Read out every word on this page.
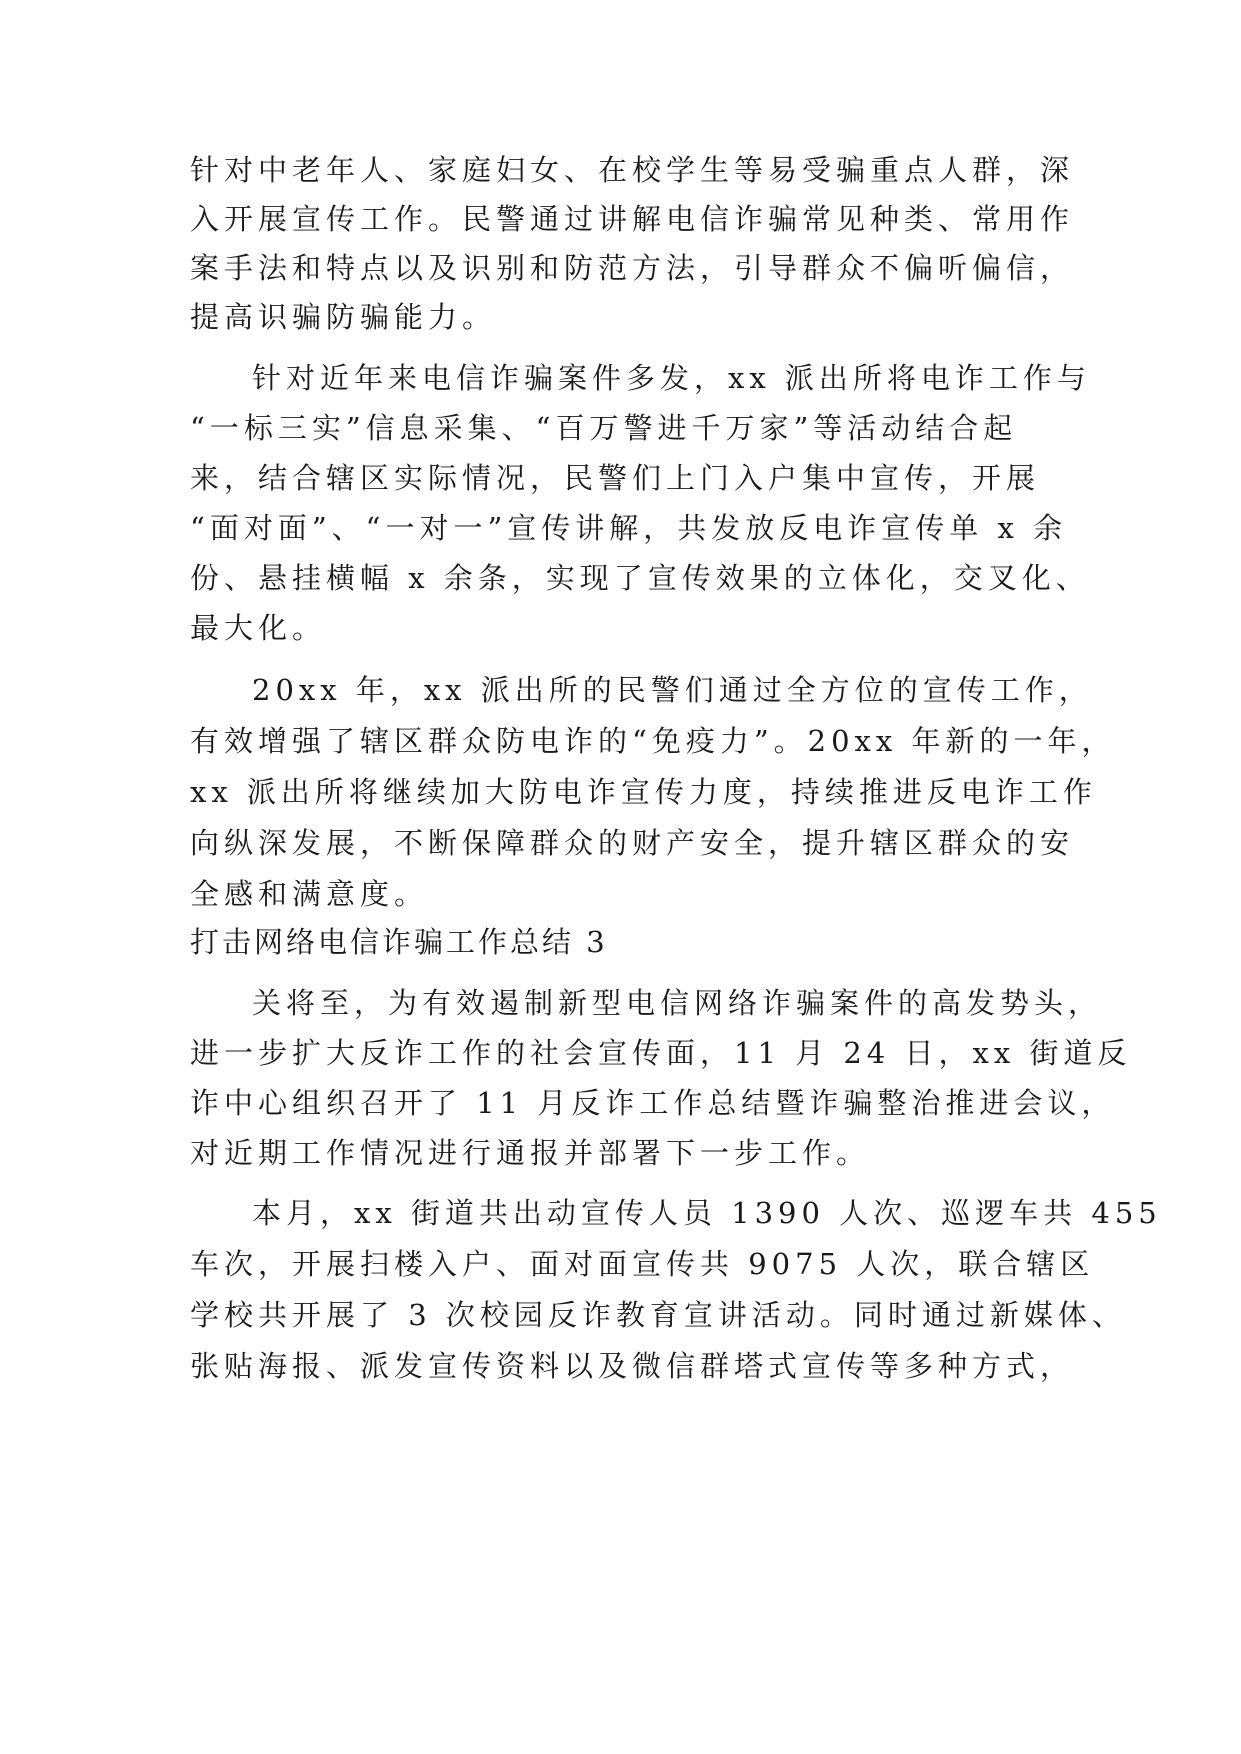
针对中老年人、家庭妇女、在校学生等易受骗重点人群，深
入开展宣传工作。民警通过讲解电信诈骗常见种类、常用作
案手法和特点以及识别和防范方法，引导群众不偏听偏信，
提高识骗防骗能力。
针对近年来电信诈骗案件多发，xx 派出所将电诈工作与
“一标三实”信息采集、“百万警进千万家”等活动结合起
来，结合辖区实际情况，民警们上门入户集中宣传，开展
“面对面”、“一对一”宣传讲解，共发放反电诈宣传单 x 余
份、悬挂横幅 x 余条，实现了宣传效果的立体化，交叉化、
最大化。
20xx 年，xx 派出所的民警们通过全方位的宣传工作，
有效增强了辖区群众防电诈的“免疫力”。20xx 年新的一年，
xx 派出所将继续加大防电诈宣传力度，持续推进反电诈工作
向纵深发展，不断保障群众的财产安全，提升辖区群众的安
全感和满意度。
打击网络电信诈骗工作总结 3
关将至，为有效遏制新型电信网络诈骗案件的高发势头，
进一步扩大反诈工作的社会宣传面，11 月 24 日，xx 街道反
诈中心组织召开了 11 月反诈工作总结暨诈骗整治推进会议，
对近期工作情况进行通报并部署下一步工作。
本月，xx 街道共出动宣传人员 1390 人次、巡逻车共 455
车次，开展扫楼入户、面对面宣传共 9075 人次，联合辖区
学校共开展了 3 次校园反诈教育宣讲活动。同时通过新媒体、
张贴海报、派发宣传资料以及微信群塔式宣传等多种方式，
